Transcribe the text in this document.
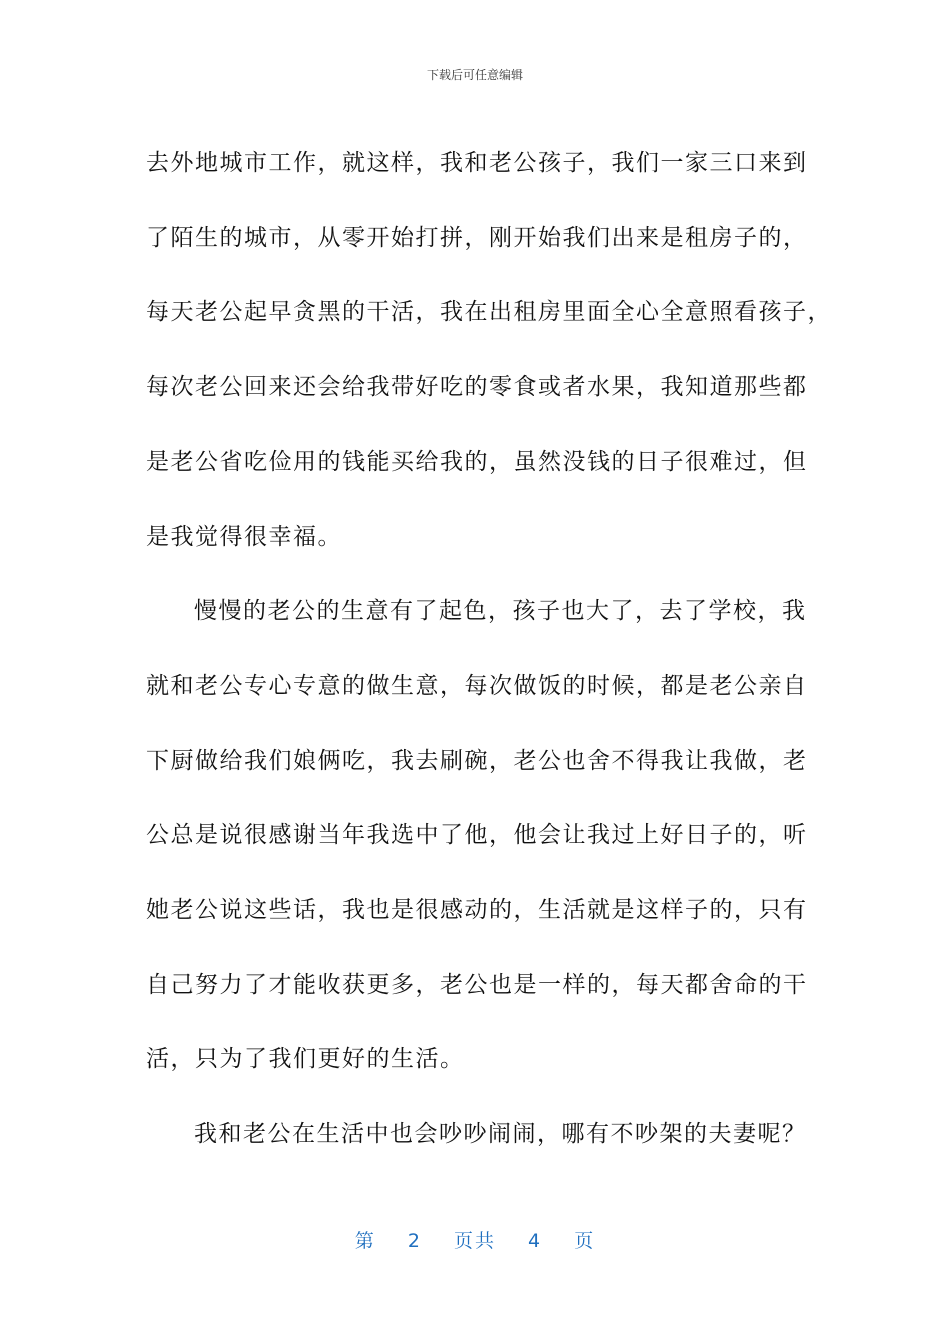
下载后可任意编辑

去外地城市工作，就这样，我和老公孩子，我们一家三口来到
了陌生的城市，从零开始打拼，刚开始我们出来是租房子的，
每天老公起早贪黑的干活，我在出租房里面全心全意照看孩子，
每次老公回来还会给我带好吃的零食或者水果，我知道那些都
是老公省吃俭用的钱能买给我的，虽然没钱的日子很难过，但
是我觉得很幸福。

慢慢的老公的生意有了起色，孩子也大了，去了学校，我
就和老公专心专意的做生意，每次做饭的时候，都是老公亲自
下厨做给我们娘俩吃，我去刷碗，老公也舍不得我让我做，老
公总是说很感谢当年我选中了他，他会让我过上好日子的，听
她老公说这些话，我也是很感动的，生活就是这样子的，只有
自己努力了才能收获更多，老公也是一样的，每天都舍命的干
活，只为了我们更好的生活。

我和老公在生活中也会吵吵闹闹，哪有不吵架的夫妻呢？

第 2 页共 4 页
